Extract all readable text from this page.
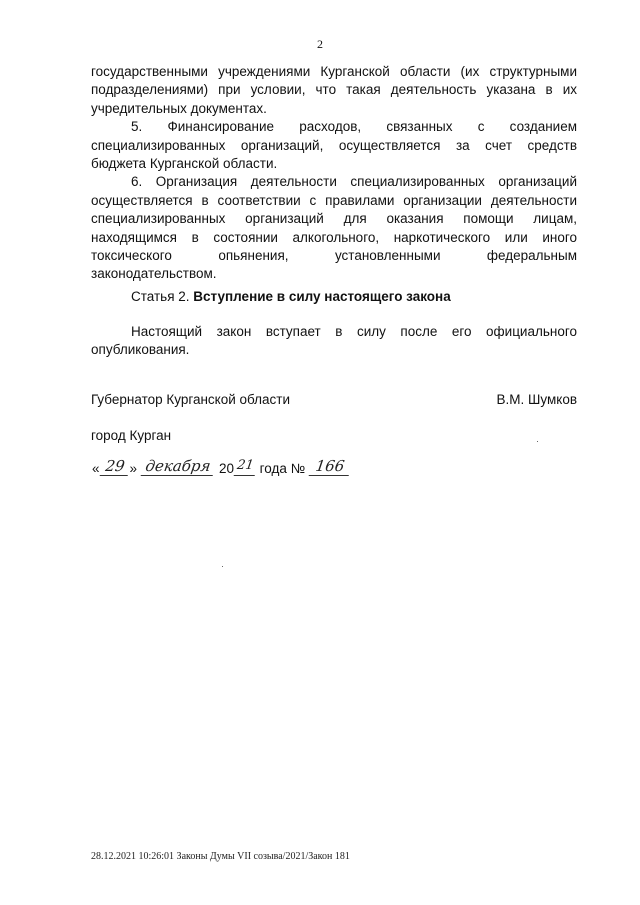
2

государственными учреждениями Курганской области (их структурными подразделениями) при условии, что такая деятельность указана в их учредительных документах.

5. Финансирование расходов, связанных с созданием специализированных организаций, осуществляется за счет средств бюджета Курганской области.

6. Организация деятельности специализированных организаций осуществляется в соответствии с правилами организации деятельности специализированных организаций для оказания помощи лицам, находящимся в состоянии алкогольного, наркотического или иного токсического опьянения, установленными федеральным законодательством.

Статья 2. Вступление в силу настоящего закона
Настоящий закон вступает в силу после его официального опубликования.
Губернатор Курганской области	В.М. Шумков
город Курган
« 29 » декабря 20 21 года № 166
28.12.2021 10:26:01 Законы Думы VII созыва/2021/Закон 181
